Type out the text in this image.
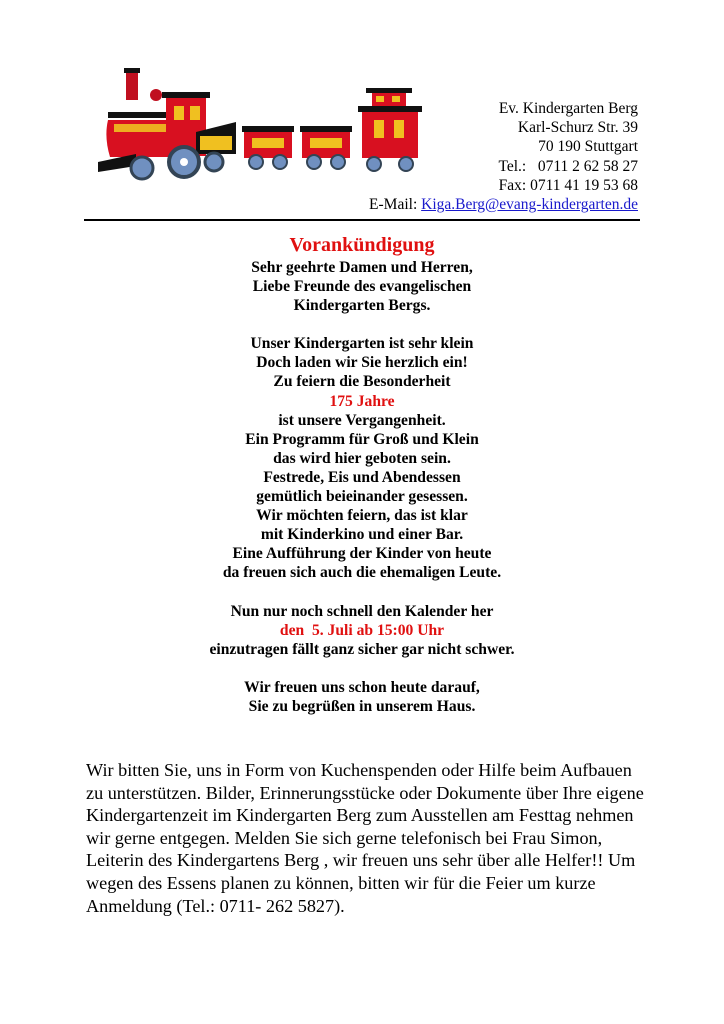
Ev. Kindergarten Berg
Karl-Schurz Str. 39
70 190 Stuttgart
Tel.:   0711 2 62 58 27
Fax: 0711 41 19 53 68
E-Mail: Kiga.Berg@evang-kindergarten.de
Vorankündigung
Sehr geehrte Damen und Herren,
Liebe Freunde des evangelischen
Kindergarten Bergs.
Unser Kindergarten ist sehr klein
Doch laden wir Sie herzlich ein!
Zu feiern die Besonderheit
175 Jahre
ist unsere Vergangenheit.
Ein Programm für Groß und Klein
das wird hier geboten sein.
Festrede, Eis und Abendessen
gemütlich beieinander gesessen.
Wir möchten feiern, das ist klar
mit Kinderkino und einer Bar.
Eine Aufführung der Kinder von heute
da freuen sich auch die ehemaligen Leute.
Nun nur noch schnell den Kalender her
den  5. Juli ab 15:00 Uhr
einzutragen fällt ganz sicher gar nicht schwer.
Wir freuen uns schon heute darauf,
Sie zu begrüßen in unserem Haus.
Wir bitten Sie, uns in Form von Kuchenspenden oder Hilfe beim Aufbauen zu unterstützen. Bilder, Erinnerungsstücke oder Dokumente über Ihre eigene Kindergartenzeit im Kindergarten Berg zum Ausstellen am Festtag nehmen wir gerne entgegen. Melden Sie sich gerne telefonisch bei Frau Simon, Leiterin des Kindergartens Berg , wir freuen uns sehr über alle Helfer!! Um wegen des Essens planen zu können, bitten wir für die Feier um kurze Anmeldung (Tel.: 0711- 262 5827).
